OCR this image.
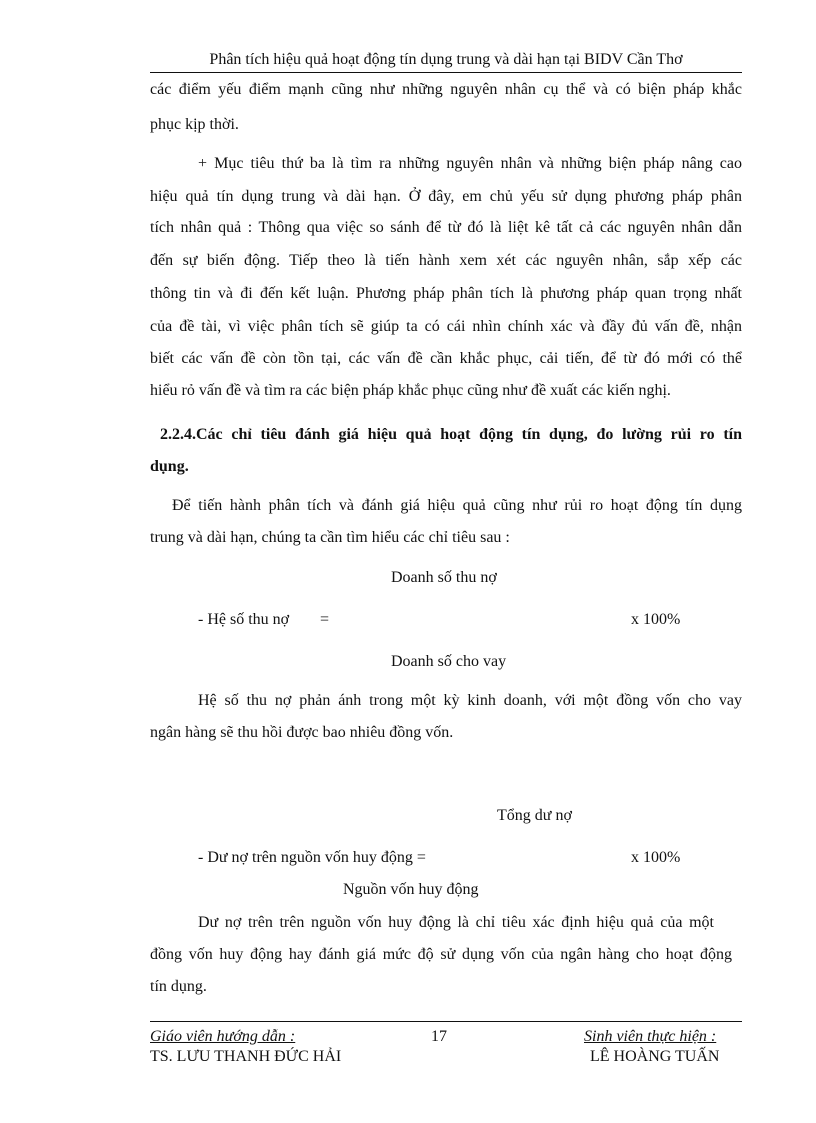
Phân tích hiệu quả hoạt động tín dụng trung và dài hạn tại BIDV Cần Thơ
các điểm yếu điểm mạnh cũng như những nguyên nhân cụ thể và có biện pháp khắc
phục kịp thời.
+ Mục tiêu thứ ba là tìm ra những nguyên nhân và những biện pháp nâng cao
hiệu quả tín dụng trung và dài hạn. Ở đây, em chủ yếu sử dụng phương pháp phân
tích nhân quả : Thông qua việc so sánh để từ đó là liệt kê tất cả các nguyên nhân dẫn
đến sự biến động. Tiếp theo là tiến hành xem xét các nguyên nhân, sắp xếp các
thông tin và đi đến kết luận. Phương pháp phân tích là phương pháp quan trọng nhất
của đề tài, vì việc phân tích sẽ giúp ta có cái nhìn chính xác và đầy đủ vấn đề, nhận
biết các vấn đề còn tồn tại, các vấn đề cần khắc phục, cải tiến, để từ đó mới có thể
hiểu rỏ vấn đề và tìm ra các biện pháp khắc phục cũng như đề xuất các kiến nghị.
2.2.4.Các chỉ tiêu đánh giá hiệu quả hoạt động tín dụng, đo lường rủi ro tín
dụng.
Để tiến hành phân tích và đánh giá hiệu quả cũng như rủi ro hoạt động tín dụng
trung và dài hạn, chúng ta cần tìm hiểu các chỉ tiêu sau :
Doanh số thu nợ
- Hệ số thu nợ =	x 100%
Doanh số cho vay
Hệ số thu nợ phản ánh trong một kỳ kinh doanh, với một đồng vốn cho vay
ngân hàng sẽ thu hồi được bao nhiêu đồng vốn.
Tổng dư nợ
- Dư nợ trên nguồn vốn huy động =	x 100%
Nguồn vốn huy động
Dư nợ trên trên nguồn vốn huy động là chỉ tiêu xác định hiệu quả của một
đồng vốn huy động hay đánh giá mức độ sử dụng vốn của ngân hàng cho hoạt động
tín dụng.
Giáo viên hướng dẫn :
TS. LƯU THANH ĐỨC HẢI
17	Sinh viên thực hiện :
LÊ HOÀNG TUẤN
